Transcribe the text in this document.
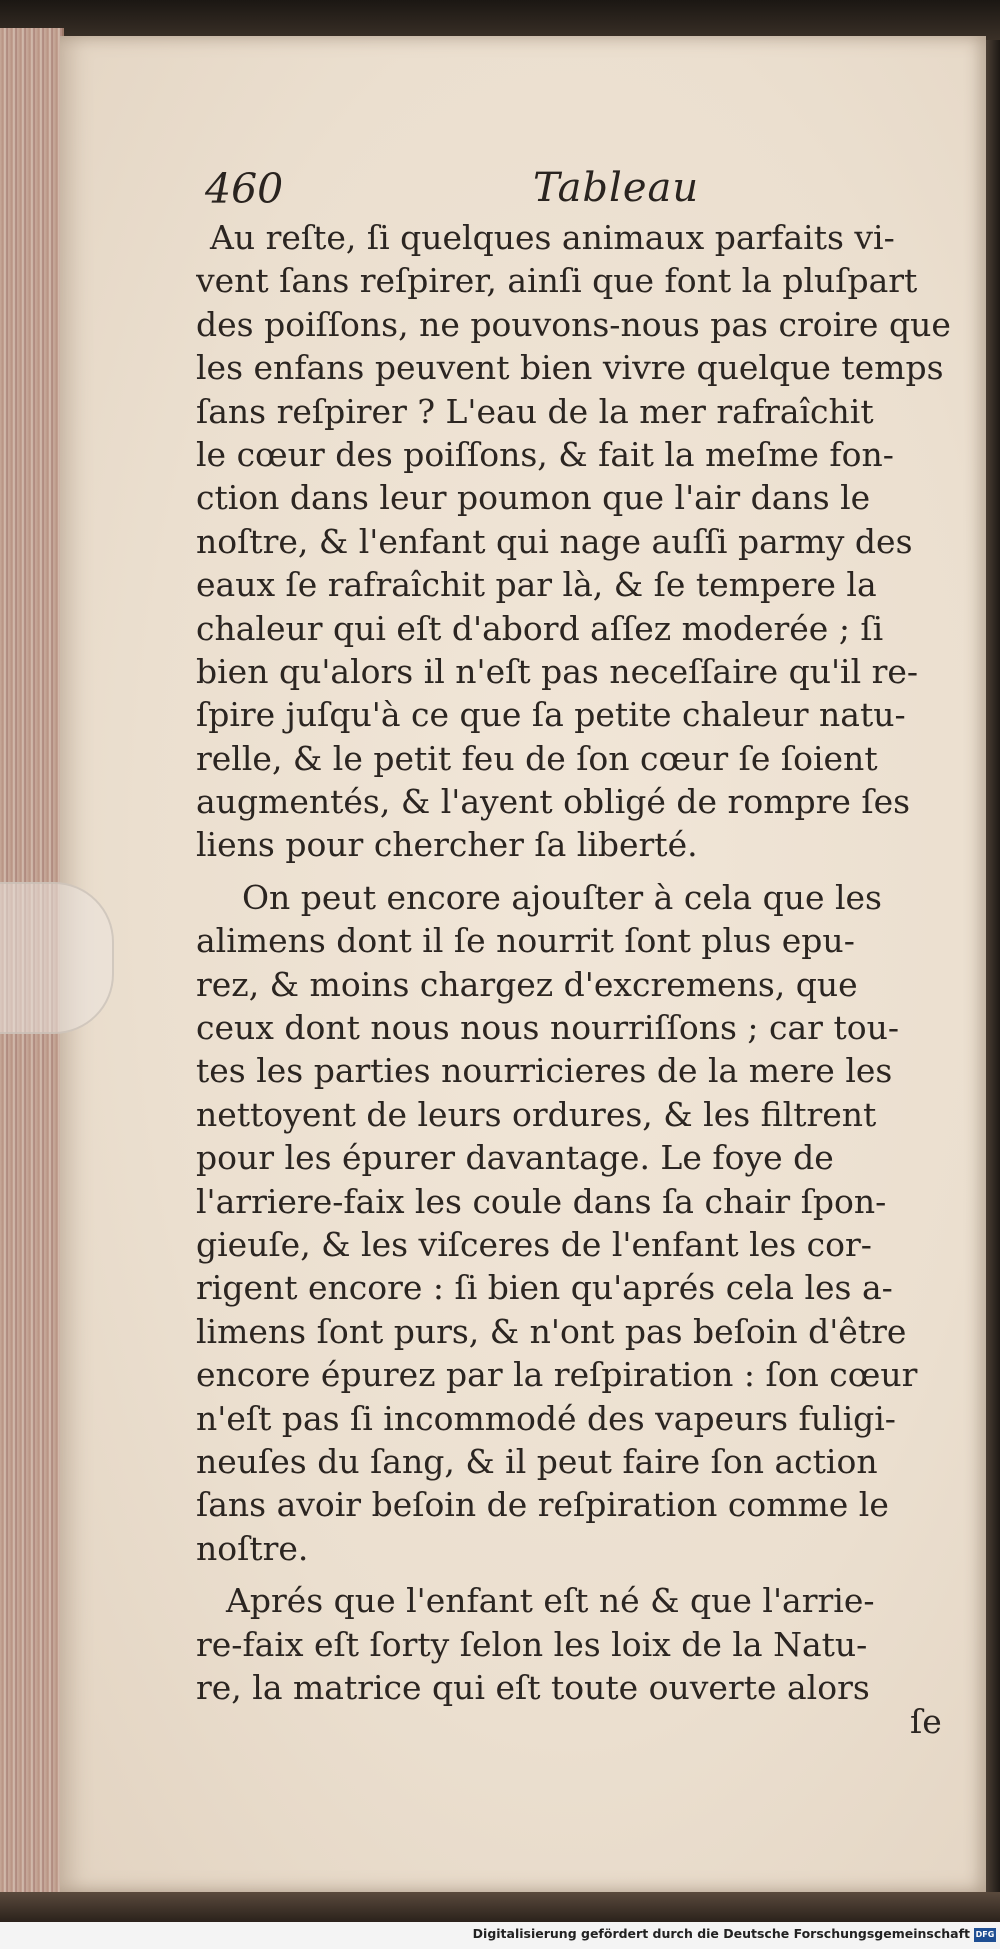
460	Tableau
Au reſte, ſi quelques animaux parfaits vi-
vent ſans reſpirer, ainſi que font la pluſpart
des poiſſons, ne pouvons-nous pas croire que
les enfans peuvent bien vivre quelque temps
ſans reſpirer ? L'eau de la mer rafraîchit
le cœur des poiſſons, & fait la meſme fon-
ction dans leur poumon que l'air dans le
noſtre, & l'enfant qui nage auſſi parmy des
eaux ſe rafraîchit par là, & ſe tempere la
chaleur qui eſt d'abord aſſez moderée ; ſi
bien qu'alors il n'eſt pas neceſſaire qu'il re-
ſpire juſqu'à ce que ſa petite chaleur natu-
relle, & le petit feu de ſon cœur ſe ſoient
augmentés, & l'ayent obligé de rompre ſes
liens pour chercher ſa liberté.
On peut encore ajouſter à cela que les
alimens dont il ſe nourrit ſont plus epu-
rez, & moins chargez d'excremens, que
ceux dont nous nous nourriſſons ; car tou-
tes les parties nourricieres de la mere les
nettoyent de leurs ordures, & les filtrent
pour les épurer davantage. Le foye de
l'arriere-faix les coule dans ſa chair ſpon-
gieuſe, & les viſceres de l'enfant les cor-
rigent encore : ſi bien qu'aprés cela les a-
limens ſont purs, & n'ont pas beſoin d'être
encore épurez par la reſpiration : ſon cœur
n'eſt pas ſi incommodé des vapeurs fuligi-
neuſes du ſang, & il peut faire ſon action
ſans avoir beſoin de reſpiration comme le
noſtre.
Aprés que l'enfant eſt né & que l'arrie-
re-faix eſt ſorty ſelon les loix de la Natu-
re, la matrice qui eſt toute ouverte alors
ſe
Digitalisierung gefördert durch die Deutsche Forschungsgemeinschaft DFG
